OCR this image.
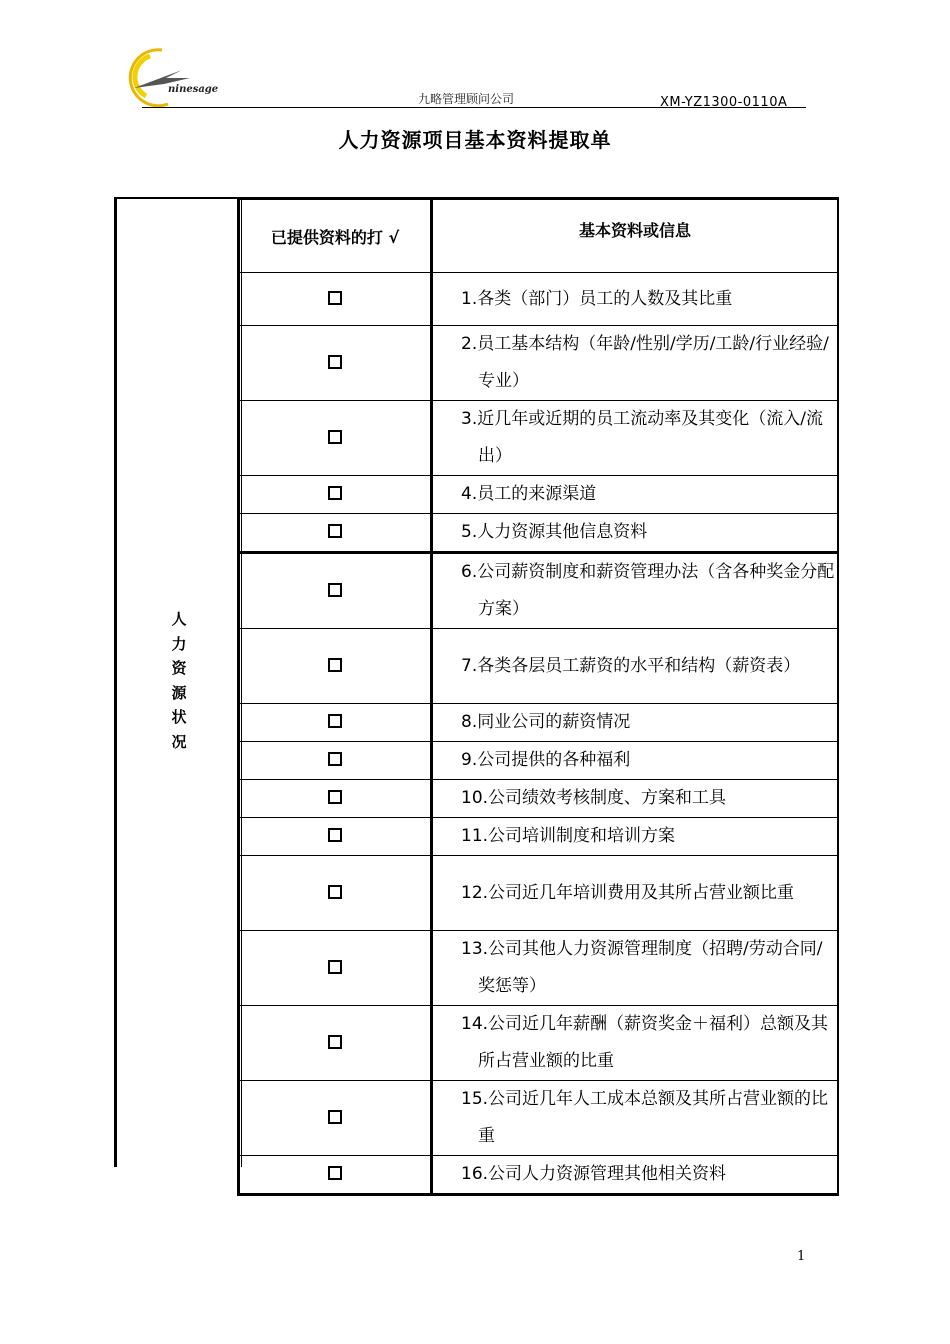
ninesage
九略管理顾问公司	XM-YZ1300-0110A
人力资源项目基本资料提取单
人
力
资
源
状
况
已提供资料的打 √	基本资料或信息

	1.各类（部门）员工的人数及其比重

	2.员工基本结构（年龄/性别/学历/工龄/行业经验/专业）

	3.近几年或近期的员工流动率及其变化（流入/流出）

	4.员工的来源渠道

	5.人力资源其他信息资料

	6.公司薪资制度和薪资管理办法（含各种奖金分配方案）

	7.各类各层员工薪资的水平和结构（薪资表）

	8.同业公司的薪资情况

	9.公司提供的各种福利

	10.公司绩效考核制度、方案和工具

	11.公司培训制度和培训方案

	12.公司近几年培训费用及其所占营业额比重

	13.公司其他人力资源管理制度（招聘/劳动合同/奖惩等）

	14.公司近几年薪酬（薪资奖金＋福利）总额及其所占营业额的比重

	15.公司近几年人工成本总额及其所占营业额的比重

	16.公司人力资源管理其他相关资料
1
